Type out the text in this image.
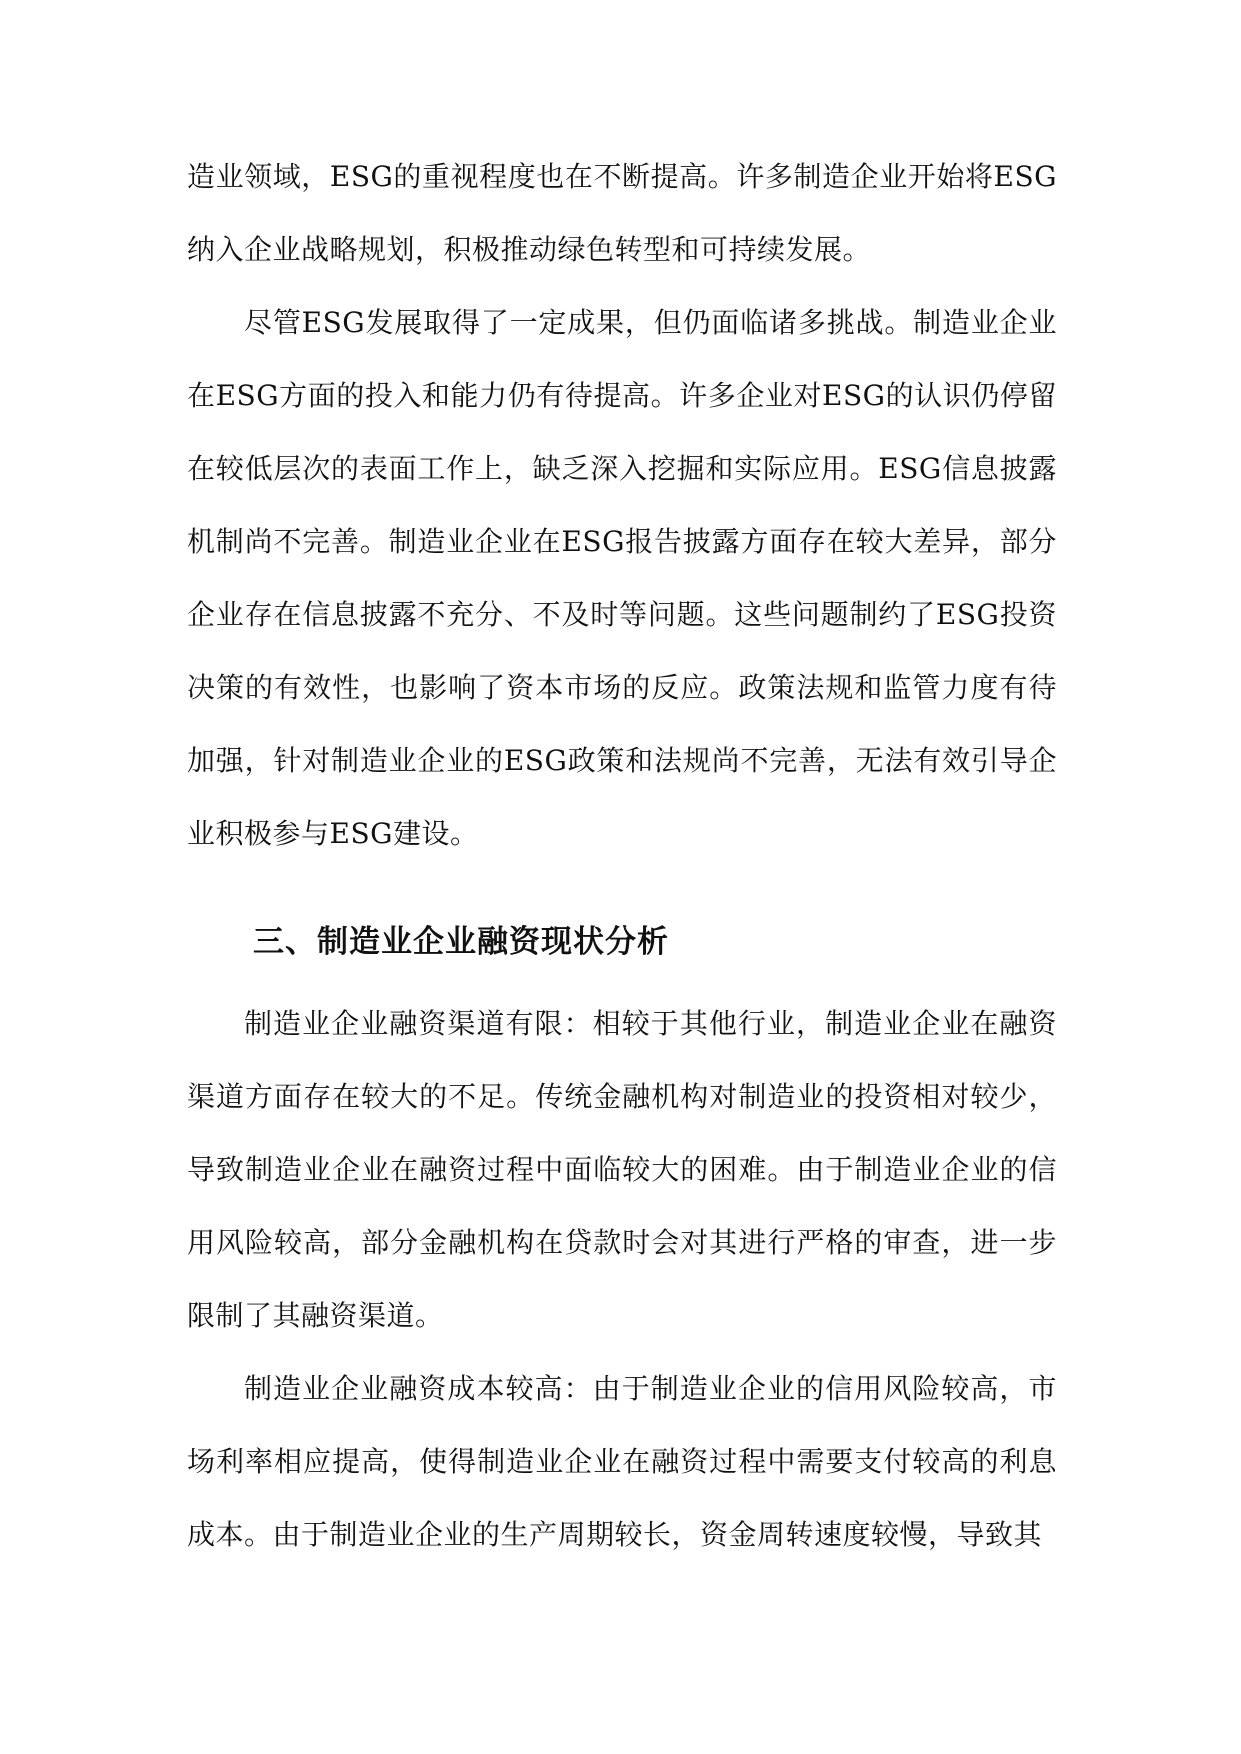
造业领域，ESG的重视程度也在不断提高。许多制造企业开始将ESG纳入企业战略规划，积极推动绿色转型和可持续发展。

尽管ESG发展取得了一定成果，但仍面临诸多挑战。制造业企业在ESG方面的投入和能力仍有待提高。许多企业对ESG的认识仍停留在较低层次的表面工作上，缺乏深入挖掘和实际应用。ESG信息披露机制尚不完善。制造业企业在ESG报告披露方面存在较大差异，部分企业存在信息披露不充分、不及时等问题。这些问题制约了ESG投资决策的有效性，也影响了资本市场的反应。政策法规和监管力度有待加强，针对制造业企业的ESG政策和法规尚不完善，无法有效引导企业积极参与ESG建设。

三、制造业企业融资现状分析

制造业企业融资渠道有限：相较于其他行业，制造业企业在融资渠道方面存在较大的不足。传统金融机构对制造业的投资相对较少，导致制造业企业在融资过程中面临较大的困难。由于制造业企业的信用风险较高，部分金融机构在贷款时会对其进行严格的审查，进一步限制了其融资渠道。

制造业企业融资成本较高：由于制造业企业的信用风险较高，市场利率相应提高，使得制造业企业在融资过程中需要支付较高的利息成本。由于制造业企业的生产周期较长，资金周转速度较慢，导致其
